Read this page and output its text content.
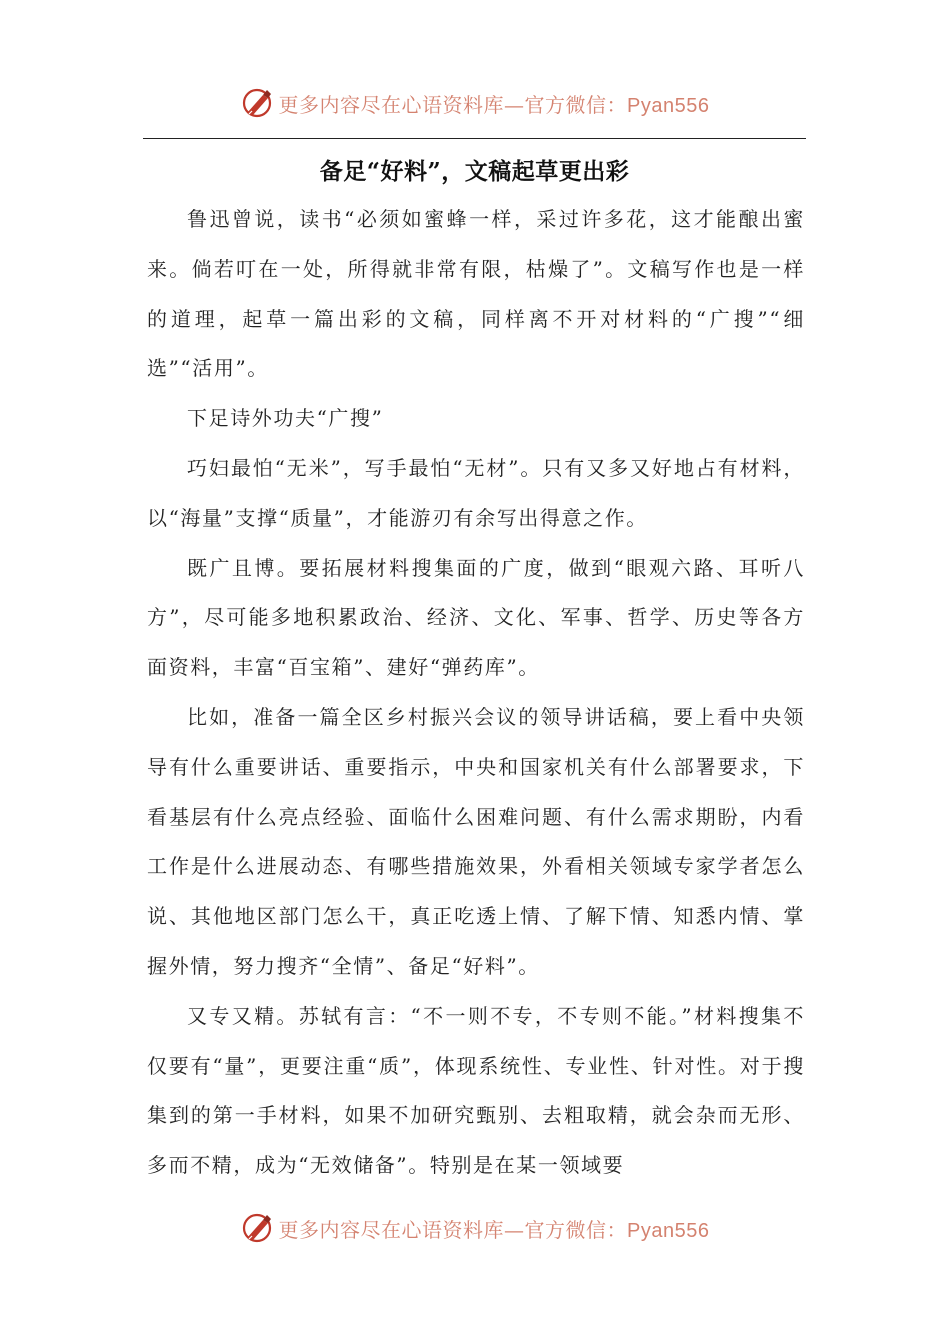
更多内容尽在心语资料库—官方微信：Pyan556
备足“好料”，文稿起草更出彩

鲁迅曾说，读书“必须如蜜蜂一样，采过许多花，这才能酿出蜜来。倘若叮在一处，所得就非常有限，枯燥了”。文稿写作也是一样的道理，起草一篇出彩的文稿，同样离不开对材料的“广搜”“细选”“活用”。

下足诗外功夫“广搜”

巧妇最怕“无米”，写手最怕“无材”。只有又多又好地占有材料，以“海量”支撑“质量”，才能游刃有余写出得意之作。

既广且博。要拓展材料搜集面的广度，做到“眼观六路、耳听八方”，尽可能多地积累政治、经济、文化、军事、哲学、历史等各方面资料，丰富“百宝箱”、建好“弹药库”。

比如，准备一篇全区乡村振兴会议的领导讲话稿，要上看中央领导有什么重要讲话、重要指示，中央和国家机关有什么部署要求，下看基层有什么亮点经验、面临什么困难问题、有什么需求期盼，内看工作是什么进展动态、有哪些措施效果，外看相关领域专家学者怎么说、其他地区部门怎么干，真正吃透上情、了解下情、知悉内情、掌握外情，努力搜齐“全情”、备足“好料”。

又专又精。苏轼有言：“不一则不专，不专则不能。”材料搜集不仅要有“量”，更要注重“质”，体现系统性、专业性、针对性。对于搜集到的第一手材料，如果不加研究甄别、去粗取精，就会杂而无形、多而不精，成为“无效储备”。特别是在某一领域要

更多内容尽在心语资料库—官方微信：Pyan556
